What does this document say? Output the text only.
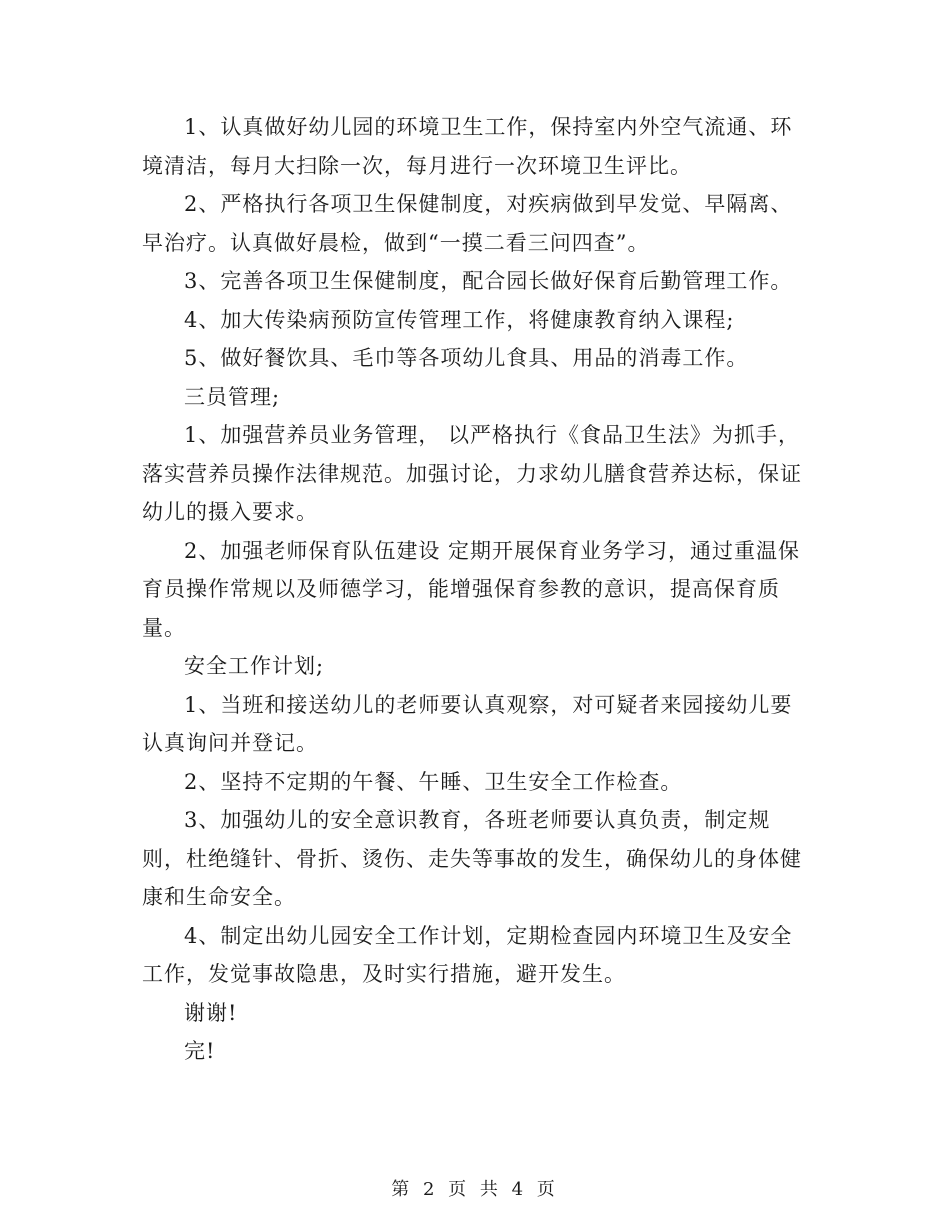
1、认真做好幼儿园的环境卫生工作，保持室内外空气流通、环境清洁，每月大扫除一次，每月进行一次环境卫生评比。

2、严格执行各项卫生保健制度，对疾病做到早发觉、早隔离、早治疗。认真做好晨检，做到“一摸二看三问四查”。

3、完善各项卫生保健制度，配合园长做好保育后勤管理工作。

4、加大传染病预防宣传管理工作，将健康教育纳入课程;

5、做好餐饮具、毛巾等各项幼儿食具、用品的消毒工作。

三员管理;

1、加强营养员业务管理， 以严格执行《食品卫生法》为抓手，落实营养员操作法律规范。加强讨论，力求幼儿膳食营养达标，保证幼儿的摄入要求。

2、加强老师保育队伍建设 定期开展保育业务学习，通过重温保育员操作常规以及师德学习，能增强保育参教的意识，提高保育质量。

安全工作计划;

1、当班和接送幼儿的老师要认真观察，对可疑者来园接幼儿要认真询问并登记。

2、坚持不定期的午餐、午睡、卫生安全工作检查。

3、加强幼儿的安全意识教育，各班老师要认真负责，制定规则，杜绝缝针、骨折、烫伤、走失等事故的发生，确保幼儿的身体健康和生命安全。

4、制定出幼儿园安全工作计划，定期检查园内环境卫生及安全工作，发觉事故隐患，及时实行措施，避开发生。

谢谢!

完!

第 2 页 共 4 页
